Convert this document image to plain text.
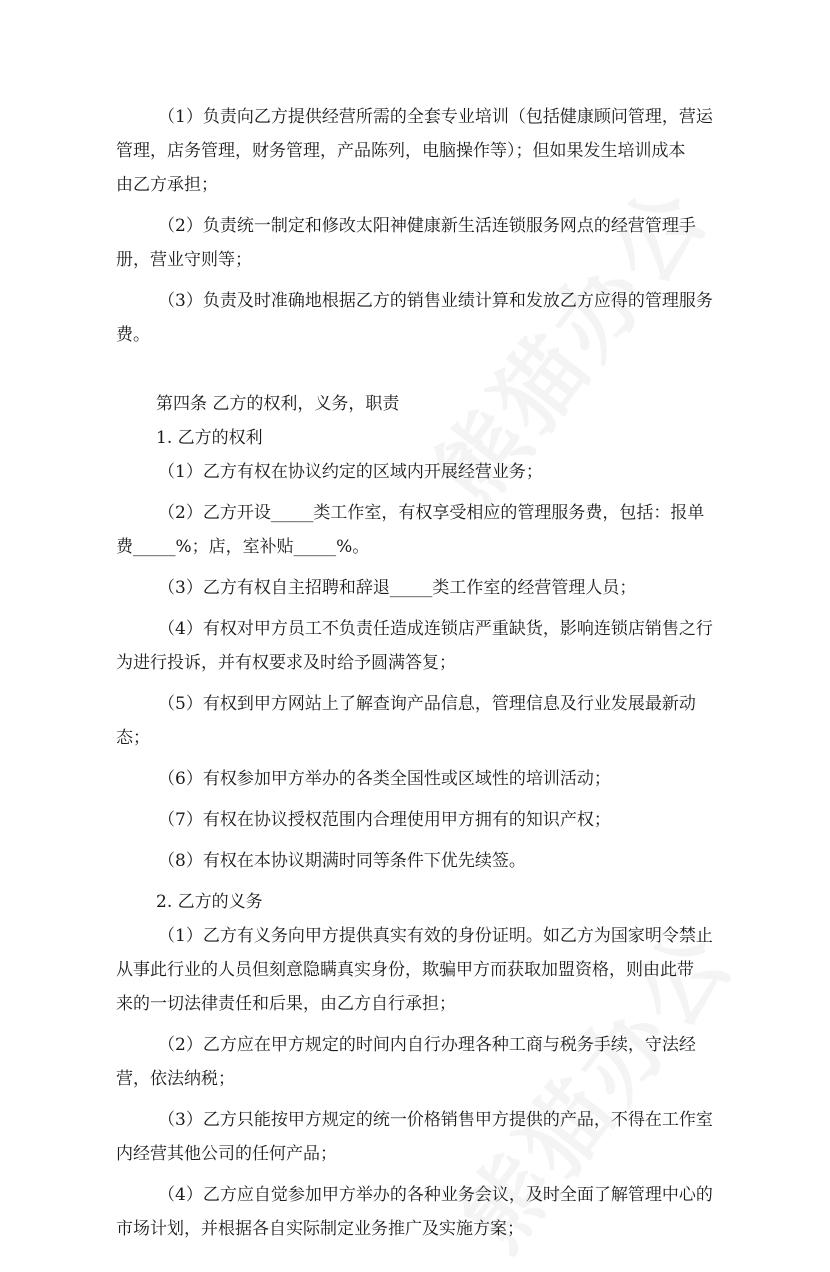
（1）负责向乙方提供经营所需的全套专业培训（包括健康顾问管理，营运

管理，店务管理，财务管理，产品陈列，电脑操作等）；但如果发生培训成本

由乙方承担；

（2）负责统一制定和修改太阳神健康新生活连锁服务网点的经营管理手

册，营业守则等；

（3）负责及时准确地根据乙方的销售业绩计算和发放乙方应得的管理服务

费。

第四条 乙方的权利，义务，职责

1. 乙方的权利

（1）乙方有权在协议约定的区域内开展经营业务；

（2）乙方开设_____类工作室，有权享受相应的管理服务费，包括：报单

费_____%；店，室补贴_____%。

（3）乙方有权自主招聘和辞退_____类工作室的经营管理人员；

（4）有权对甲方员工不负责任造成连锁店严重缺货，影响连锁店销售之行

为进行投诉，并有权要求及时给予圆满答复；

（5）有权到甲方网站上了解查询产品信息，管理信息及行业发展最新动

态；

（6）有权参加甲方举办的各类全国性或区域性的培训活动；

（7）有权在协议授权范围内合理使用甲方拥有的知识产权；

（8）有权在本协议期满时同等条件下优先续签。

2. 乙方的义务

（1）乙方有义务向甲方提供真实有效的身份证明。如乙方为国家明令禁止

从事此行业的人员但刻意隐瞒真实身份，欺骗甲方而获取加盟资格，则由此带

来的一切法律责任和后果，由乙方自行承担；

（2）乙方应在甲方规定的时间内自行办理各种工商与税务手续，守法经

营，依法纳税；

（3）乙方只能按甲方规定的统一价格销售甲方提供的产品，不得在工作室

内经营其他公司的任何产品；

（4）乙方应自觉参加甲方举办的各种业务会议，及时全面了解管理中心的

市场计划，并根据各自实际制定业务推广及实施方案；
